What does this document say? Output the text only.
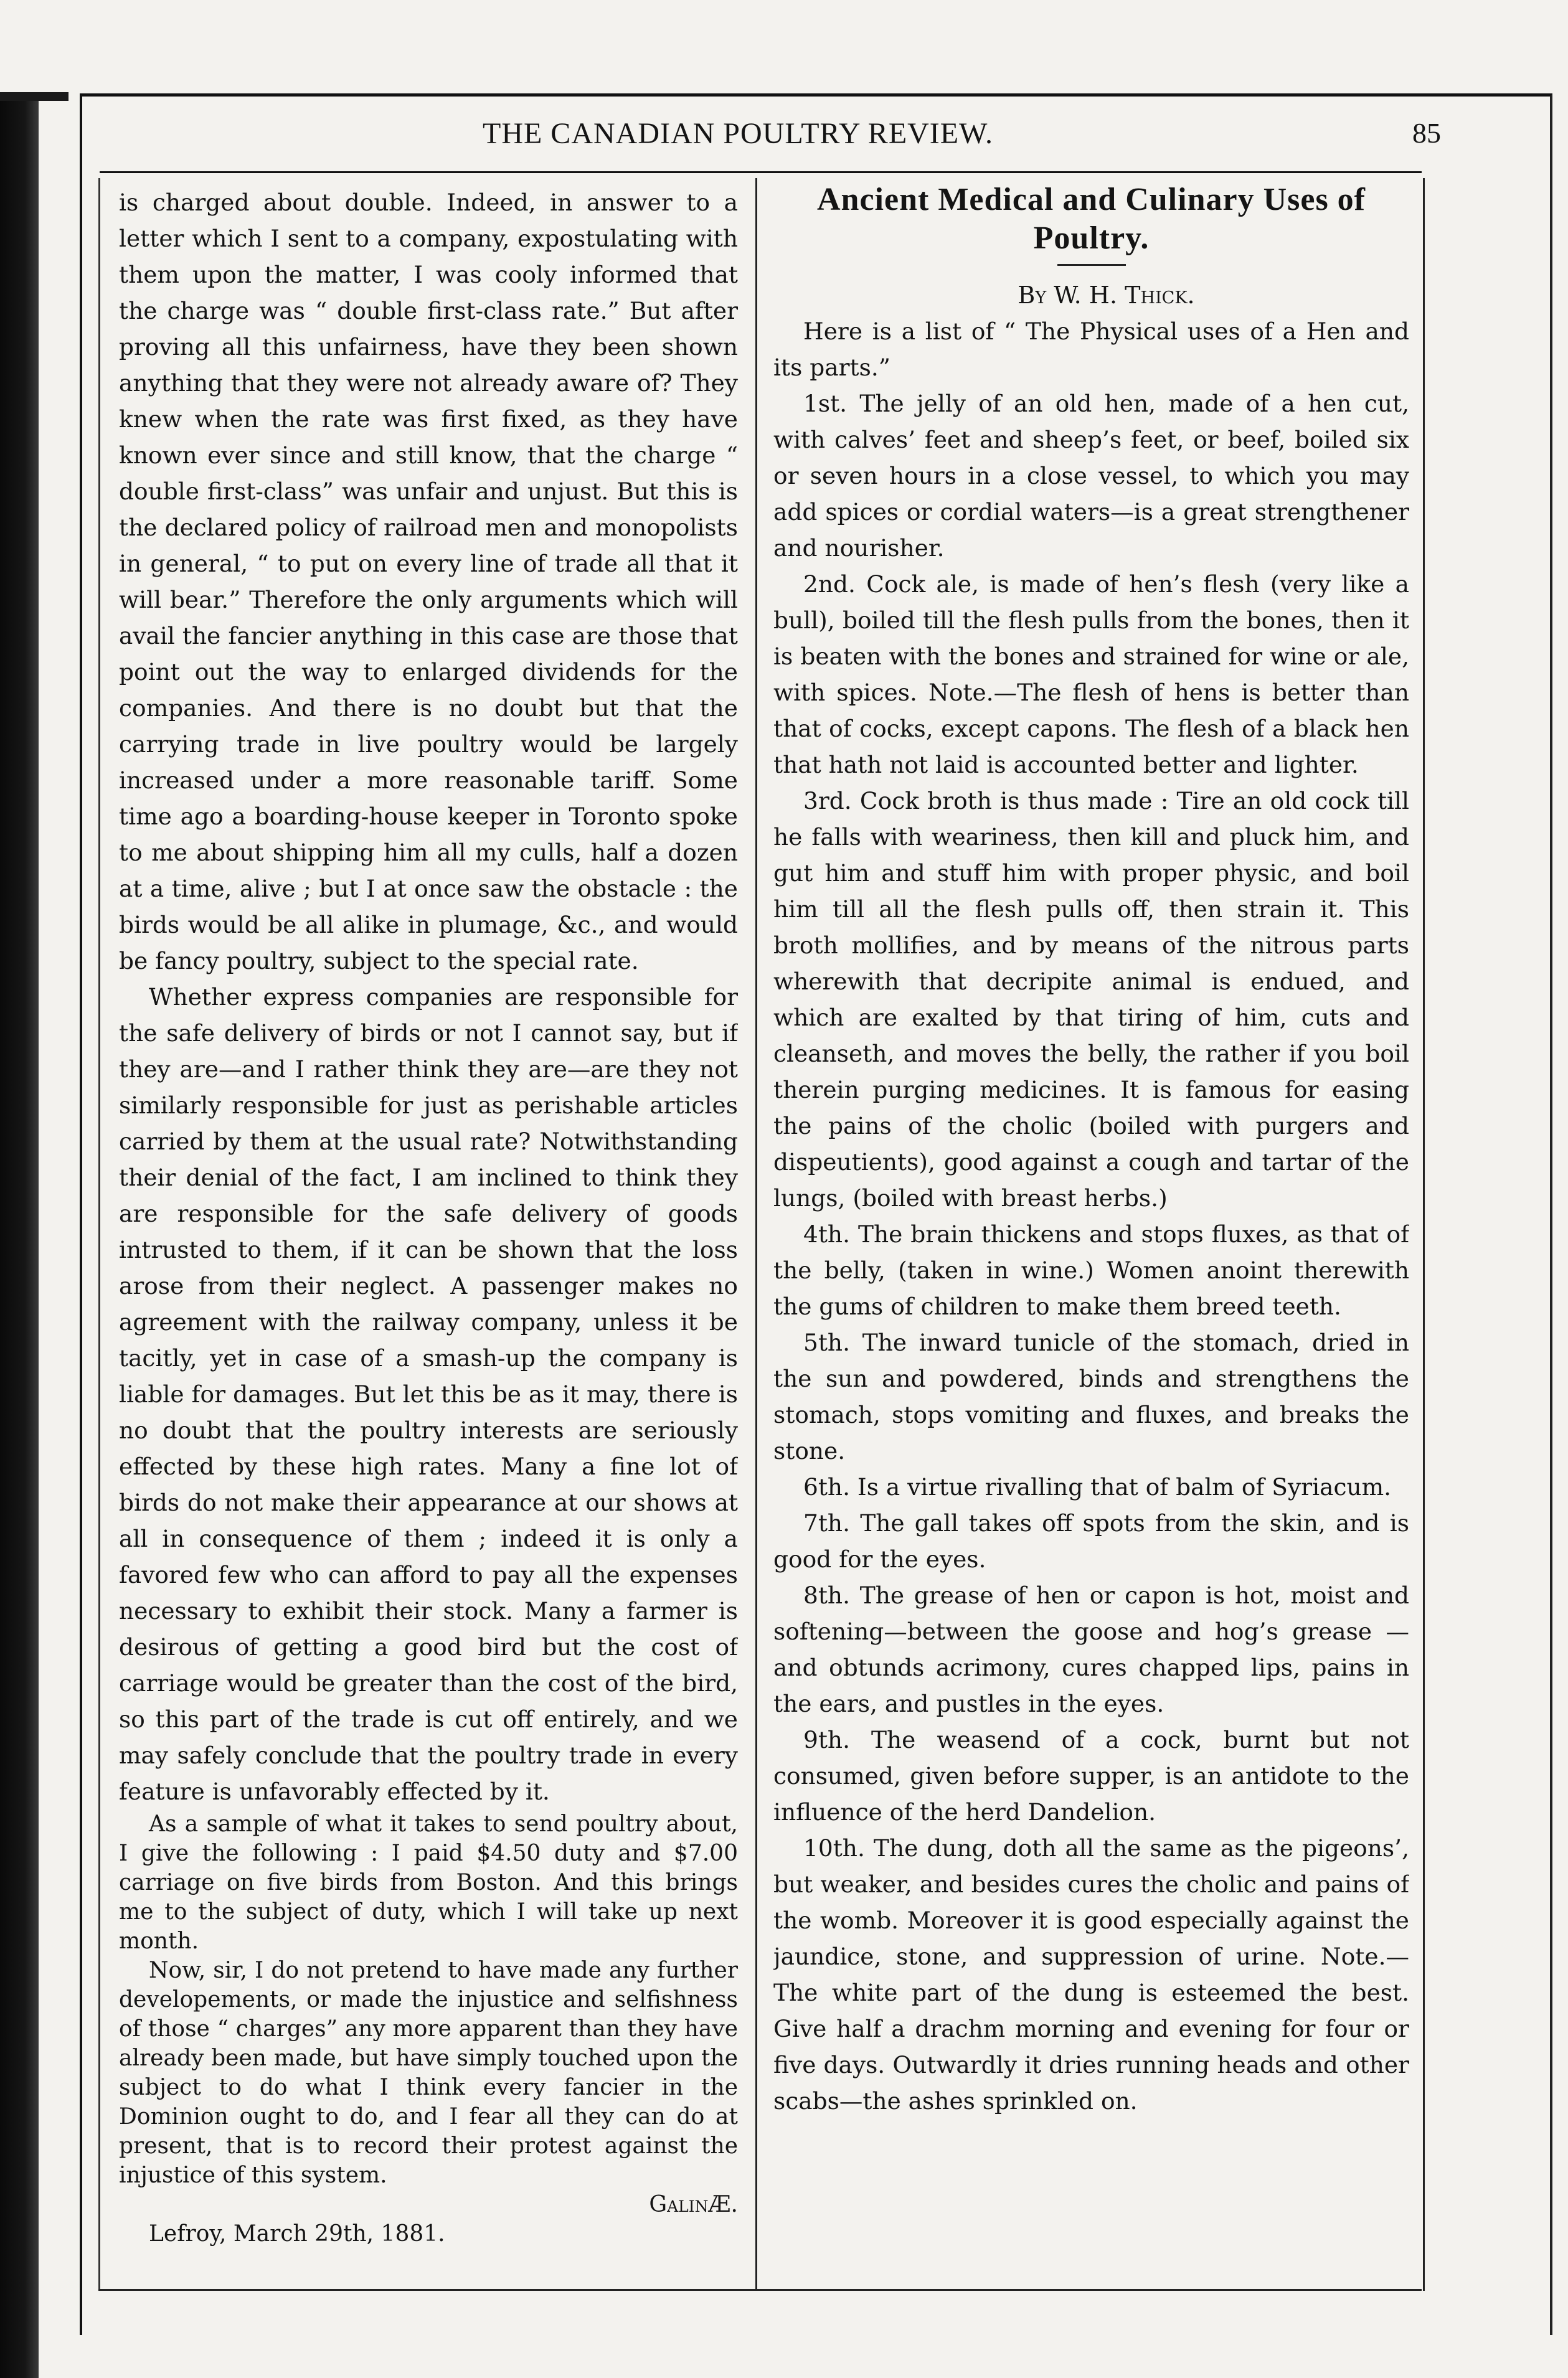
THE CANADIAN POULTRY REVIEW.	85

is charged about double. Indeed, in answer to a letter which I sent to a company, expostulating with them upon the matter, I was cooly informed that the charge was “ double first-class rate.” But after proving all this unfairness, have they been shown anything that they were not already aware of? They knew when the rate was first fixed, as they have known ever since and still know, that the charge “ double first-class” was unfair and unjust. But this is the declared policy of railroad men and monopolists in general, “ to put on every line of trade all that it will bear.” Therefore the only arguments which will avail the fancier anything in this case are those that point out the way to enlarged dividends for the companies. And there is no doubt but that the carrying trade in live poultry would be largely increased under a more reasonable tariff. Some time ago a boarding-house keeper in Toronto spoke to me about shipping him all my culls, half a dozen at a time, alive ; but I at once saw the obstacle : the birds would be all alike in plumage, &c., and would be fancy poultry, subject to the special rate.

Whether express companies are responsible for the safe delivery of birds or not I cannot say, but if they are—and I rather think they are—are they not similarly responsible for just as perishable articles carried by them at the usual rate? Notwithstanding their denial of the fact, I am inclined to think they are responsible for the safe delivery of goods intrusted to them, if it can be shown that the loss arose from their neglect. A passenger makes no agreement with the railway company, unless it be tacitly, yet in case of a smash-up the company is liable for damages. But let this be as it may, there is no doubt that the poultry interests are seriously effected by these high rates. Many a fine lot of birds do not make their appearance at our shows at all in consequence of them ; indeed it is only a favored few who can afford to pay all the expenses necessary to exhibit their stock. Many a farmer is desirous of getting a good bird but the cost of carriage would be greater than the cost of the bird, so this part of the trade is cut off entirely, and we may safely conclude that the poultry trade in every feature is unfavorably effected by it.

As a sample of what it takes to send poultry about, I give the following : I paid $4.50 duty and $7.00 carriage on five birds from Boston. And this brings me to the subject of duty, which I will take up next month.

Now, sir, I do not pretend to have made any further developements, or made the injustice and selfishness of those “ charges” any more apparent than they have already been made, but have simply touched upon the subject to do what I think every fancier in the Dominion ought to do, and I fear all they can do at present, that is to record their protest against the injustice of this system.

GalinÆ.

Lefroy, March 29th, 1881.

Ancient Medical and Culinary Uses of Poultry.

By W. H. Thick.

Here is a list of “ The Physical uses of a Hen and its parts.”

1st. The jelly of an old hen, made of a hen cut, with calves’ feet and sheep’s feet, or beef, boiled six or seven hours in a close vessel, to which you may add spices or cordial waters—is a great strengthener and nourisher.

2nd. Cock ale, is made of hen’s flesh (very like a bull), boiled till the flesh pulls from the bones, then it is beaten with the bones and strained for wine or ale, with spices. Note.—The flesh of hens is better than that of cocks, except capons. The flesh of a black hen that hath not laid is accounted better and lighter.

3rd. Cock broth is thus made : Tire an old cock till he falls with weariness, then kill and pluck him, and gut him and stuff him with proper physic, and boil him till all the flesh pulls off, then strain it. This broth mollifies, and by means of the nitrous parts wherewith that decripite animal is endued, and which are exalted by that tiring of him, cuts and cleanseth, and moves the belly, the rather if you boil therein purging medicines. It is famous for easing the pains of the cholic (boiled with purgers and dispeutients), good against a cough and tartar of the lungs, (boiled with breast herbs.)

4th. The brain thickens and stops fluxes, as that of the belly, (taken in wine.) Women anoint therewith the gums of children to make them breed teeth.

5th. The inward tunicle of the stomach, dried in the sun and powdered, binds and strengthens the stomach, stops vomiting and fluxes, and breaks the stone.

6th. Is a virtue rivalling that of balm of Syriacum.

7th. The gall takes off spots from the skin, and is good for the eyes.

8th. The grease of hen or capon is hot, moist and softening—between the goose and hog’s grease —and obtunds acrimony, cures chapped lips, pains in the ears, and pustles in the eyes.

9th. The weasend of a cock, burnt but not consumed, given before supper, is an antidote to the influence of the herd Dandelion.

10th. The dung, doth all the same as the pigeons’, but weaker, and besides cures the cholic and pains of the womb. Moreover it is good especially against the jaundice, stone, and suppression of urine. Note.—The white part of the dung is esteemed the best. Give half a drachm morning and evening for four or five days. Outwardly it dries running heads and other scabs—the ashes sprinkled on.
